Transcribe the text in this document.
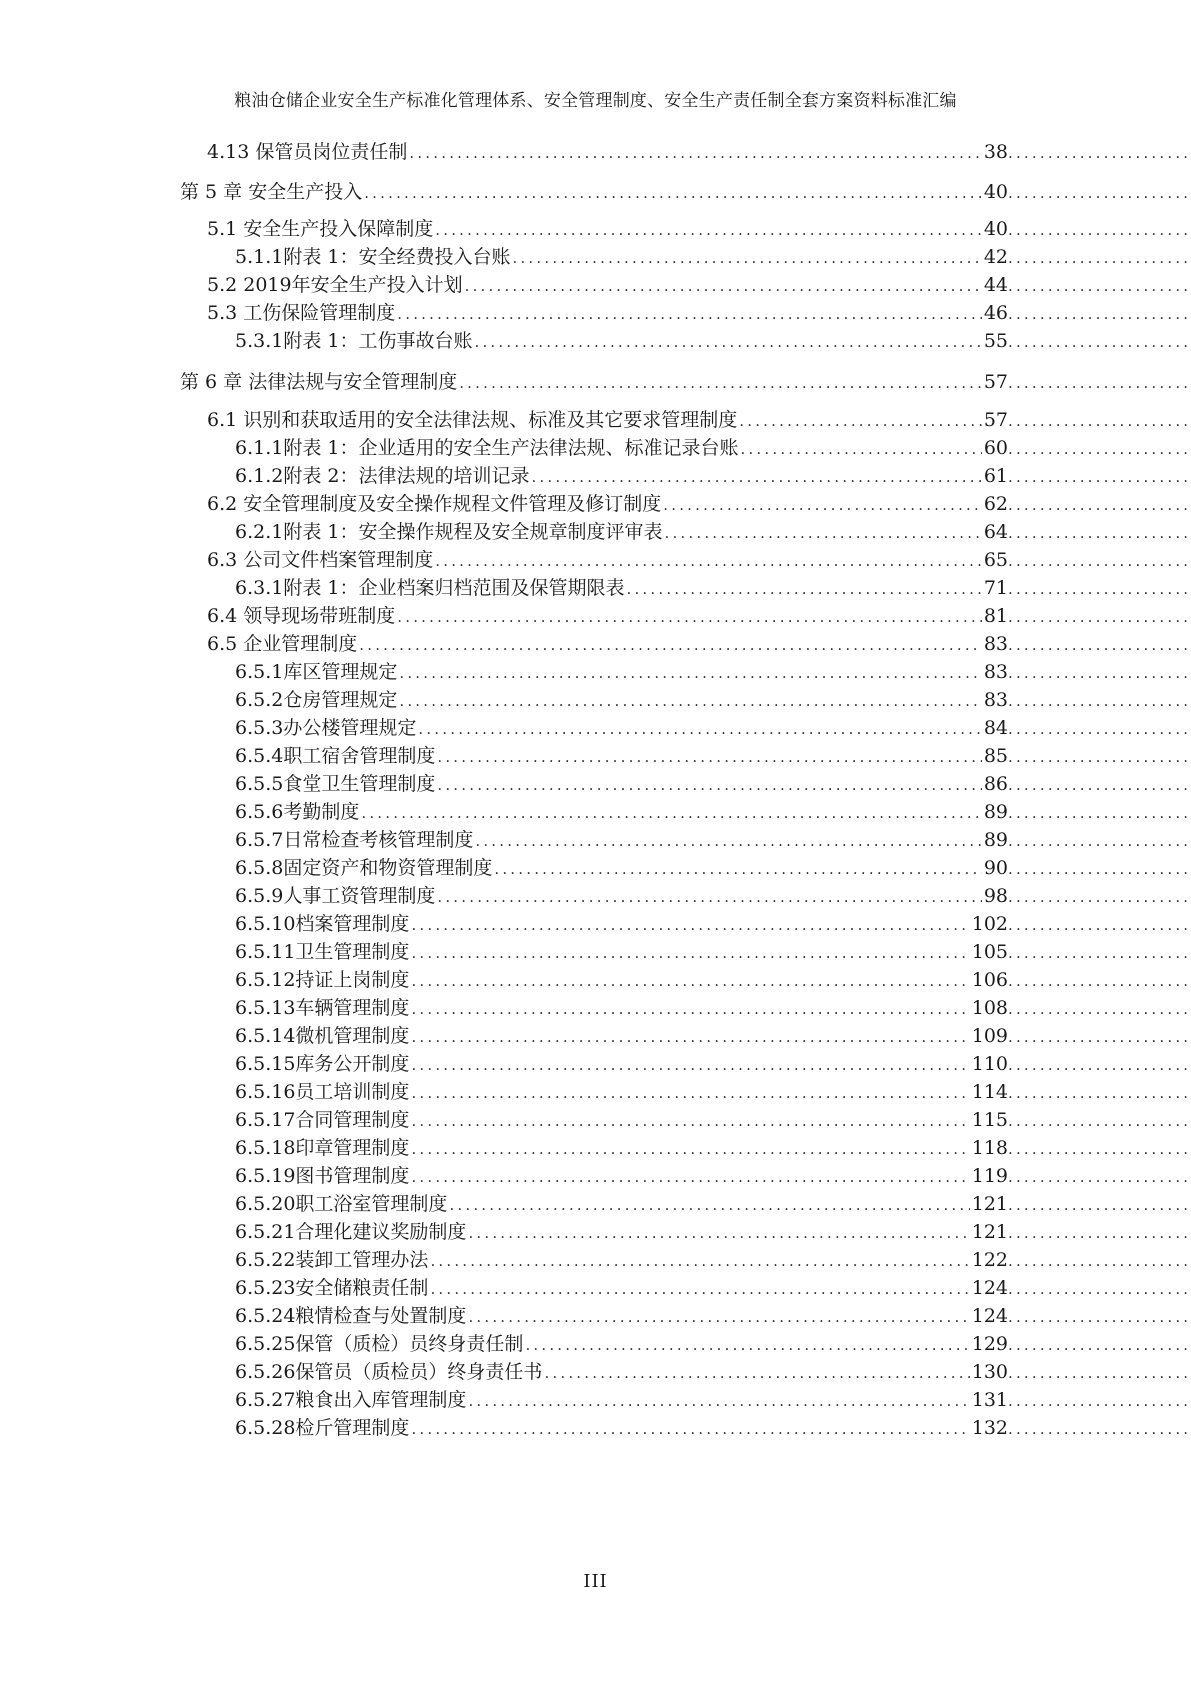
粮油仓储企业安全生产标准化管理体系、安全管理制度、安全生产责任制全套方案资料标准汇编
4.13 保管员岗位责任制 .....	38
.....
第 5 章 安全生产投入 .....	40
.....
5.1 安全生产投入保障制度 .....	40
.....
5.1.1附表 1：安全经费投入台账 .....	42
.....
5.2 2019年安全生产投入计划 .....	44
.....
5.3 工伤保险管理制度 .....	46
.....
5.3.1附表 1：工伤事故台账 .....	55
.....
第 6 章 法律法规与安全管理制度 .....	57
.....
6.1 识别和获取适用的安全法律法规、标准及其它要求管理制度 .....	57
.....
6.1.1附表 1：企业适用的安全生产法律法规、标准记录台账 .....	60
.....
6.1.2附表 2：法律法规的培训记录 .....	61
.....
6.2 安全管理制度及安全操作规程文件管理及修订制度 .....	62
.....
6.2.1附表 1：安全操作规程及安全规章制度评审表 .....	64
.....
6.3 公司文件档案管理制度 .....	65
.....
6.3.1附表 1：企业档案归档范围及保管期限表 .....	71
.....
6.4 领导现场带班制度 .....	81
.....
6.5 企业管理制度 .....	83
.....
6.5.1库区管理规定 .....	83
.....
6.5.2仓房管理规定 .....	83
.....
6.5.3办公楼管理规定 .....	84
.....
6.5.4职工宿舍管理制度 .....	85
.....
6.5.5食堂卫生管理制度 .....	86
.....
6.5.6考勤制度 .....	89
.....
6.5.7日常检查考核管理制度 .....	89
.....
6.5.8固定资产和物资管理制度 .....	90
.....
6.5.9人事工资管理制度 .....	98
.....
6.5.10档案管理制度 .....	102
.....
6.5.11卫生管理制度 .....	105
.....
6.5.12持证上岗制度 .....	106
.....
6.5.13车辆管理制度 .....	108
.....
6.5.14微机管理制度 .....	109
.....
6.5.15库务公开制度 .....	110
.....
6.5.16员工培训制度 .....	114
.....
6.5.17合同管理制度 .....	115
.....
6.5.18印章管理制度 .....	118
.....
6.5.19图书管理制度 .....	119
.....
6.5.20职工浴室管理制度 .....	121
.....
6.5.21合理化建议奖励制度 .....	121
.....
6.5.22装卸工管理办法 .....	122
.....
6.5.23安全储粮责任制 .....	124
.....
6.5.24粮情检查与处置制度 .....	124
.....
6.5.25保管（质检）员终身责任制 .....	129
.....
6.5.26保管员（质检员）终身责任书 .....	130
.....
6.5.27粮食出入库管理制度 .....	131
.....
6.5.28检斤管理制度 .....	132
.....
III
